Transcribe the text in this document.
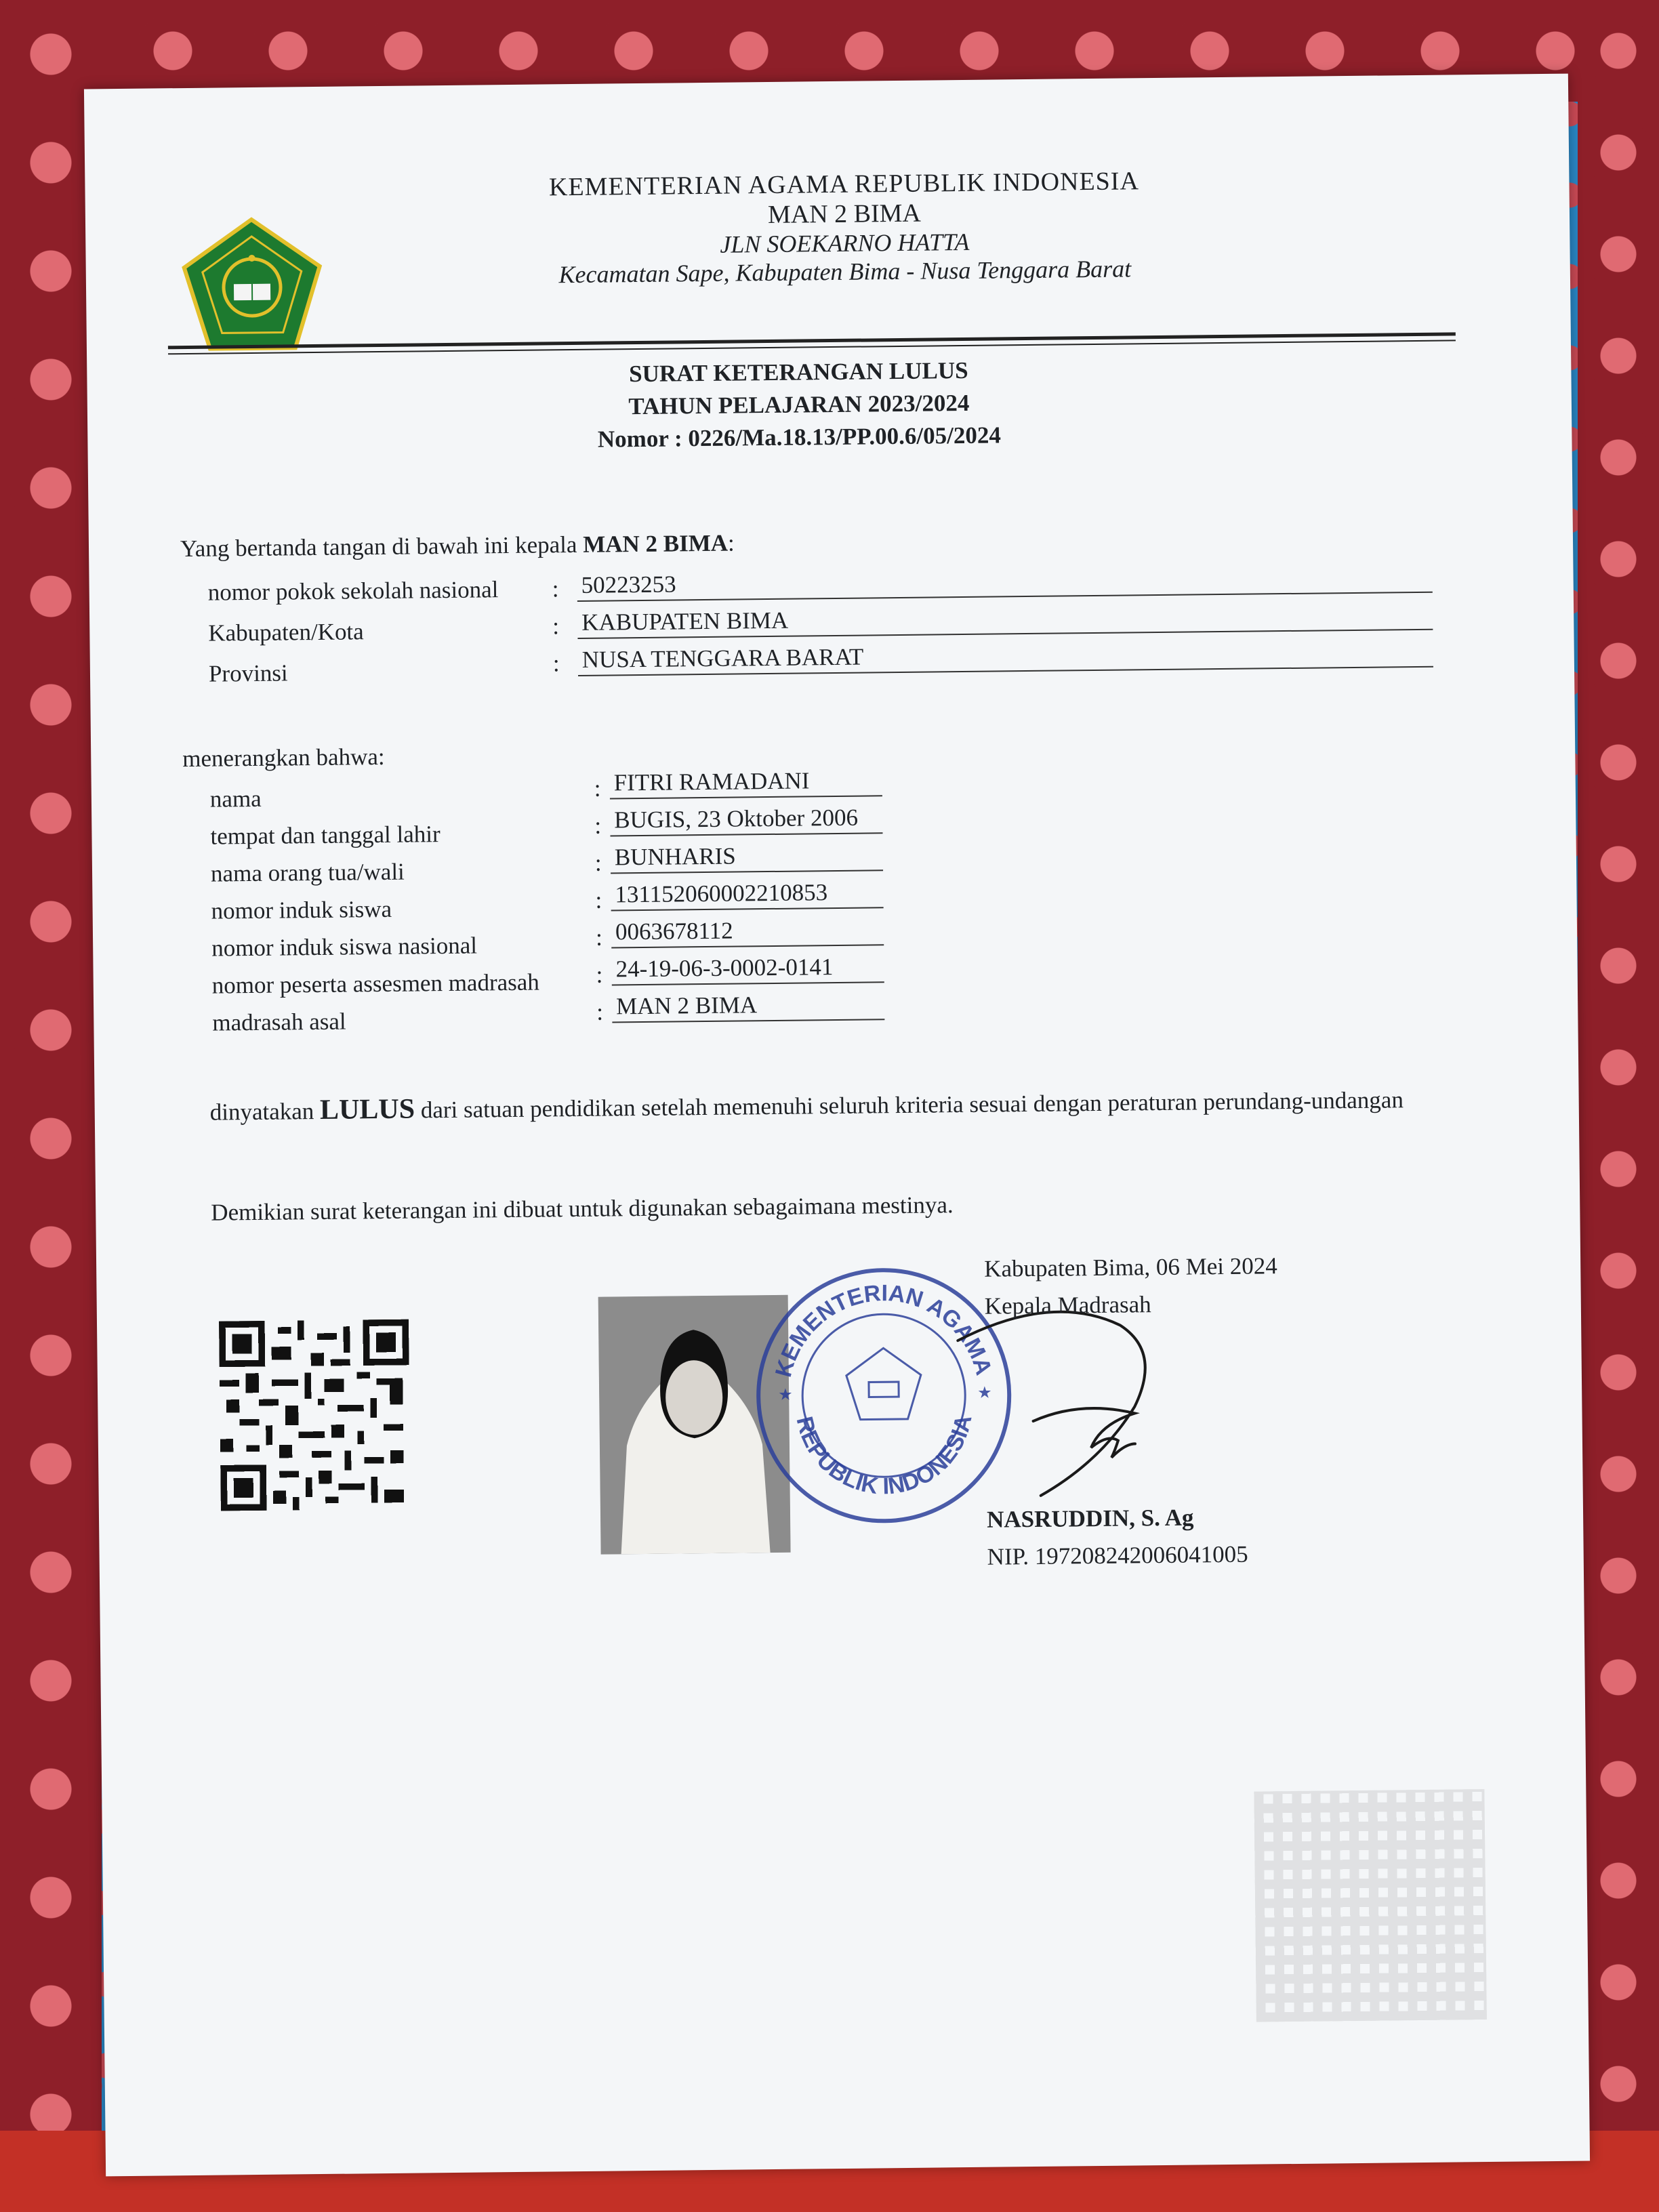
KEMENTERIAN AGAMA REPUBLIK INDONESIA
MAN 2 BIMA
JLN SOEKARNO HATTA
Kecamatan Sape, Kabupaten Bima - Nusa Tenggara Barat
SURAT KETERANGAN LULUS
TAHUN PELAJARAN 2023/2024
Nomor : 0226/Ma.18.13/PP.00.6/05/2024
Yang bertanda tangan di bawah ini kepala MAN 2 BIMA:
nomor pokok sekolah nasional : 50223253
Kabupaten/Kota	: KABUPATEN BIMA
Provinsi	: NUSA TENGGARA BARAT
menerangkan bahwa:
nama	: FITRI RAMADANI
tempat dan tanggal lahir	: BUGIS, 23 Oktober 2006
nama orang tua/wali	: BUNHARIS
nomor induk siswa	: 131152060002210853
nomor induk siswa nasional	: 0063678112
nomor peserta assesmen madrasah : 24-19-06-3-0002-0141
madrasah asal	: MAN 2 BIMA
dinyatakan LULUS dari satuan pendidikan setelah memenuhi seluruh kriteria sesuai dengan peraturan perundang-undangan
Demikian surat keterangan ini dibuat untuk digunakan sebagaimana mestinya.
KEMENTERIAN AGAMA
REPUBLIK INDONESIA
★	★
Kabupaten Bima, 06 Mei 2024
Kepala Madrasah
NASRUDDIN, S. Ag
NIP. 197208242006041005
